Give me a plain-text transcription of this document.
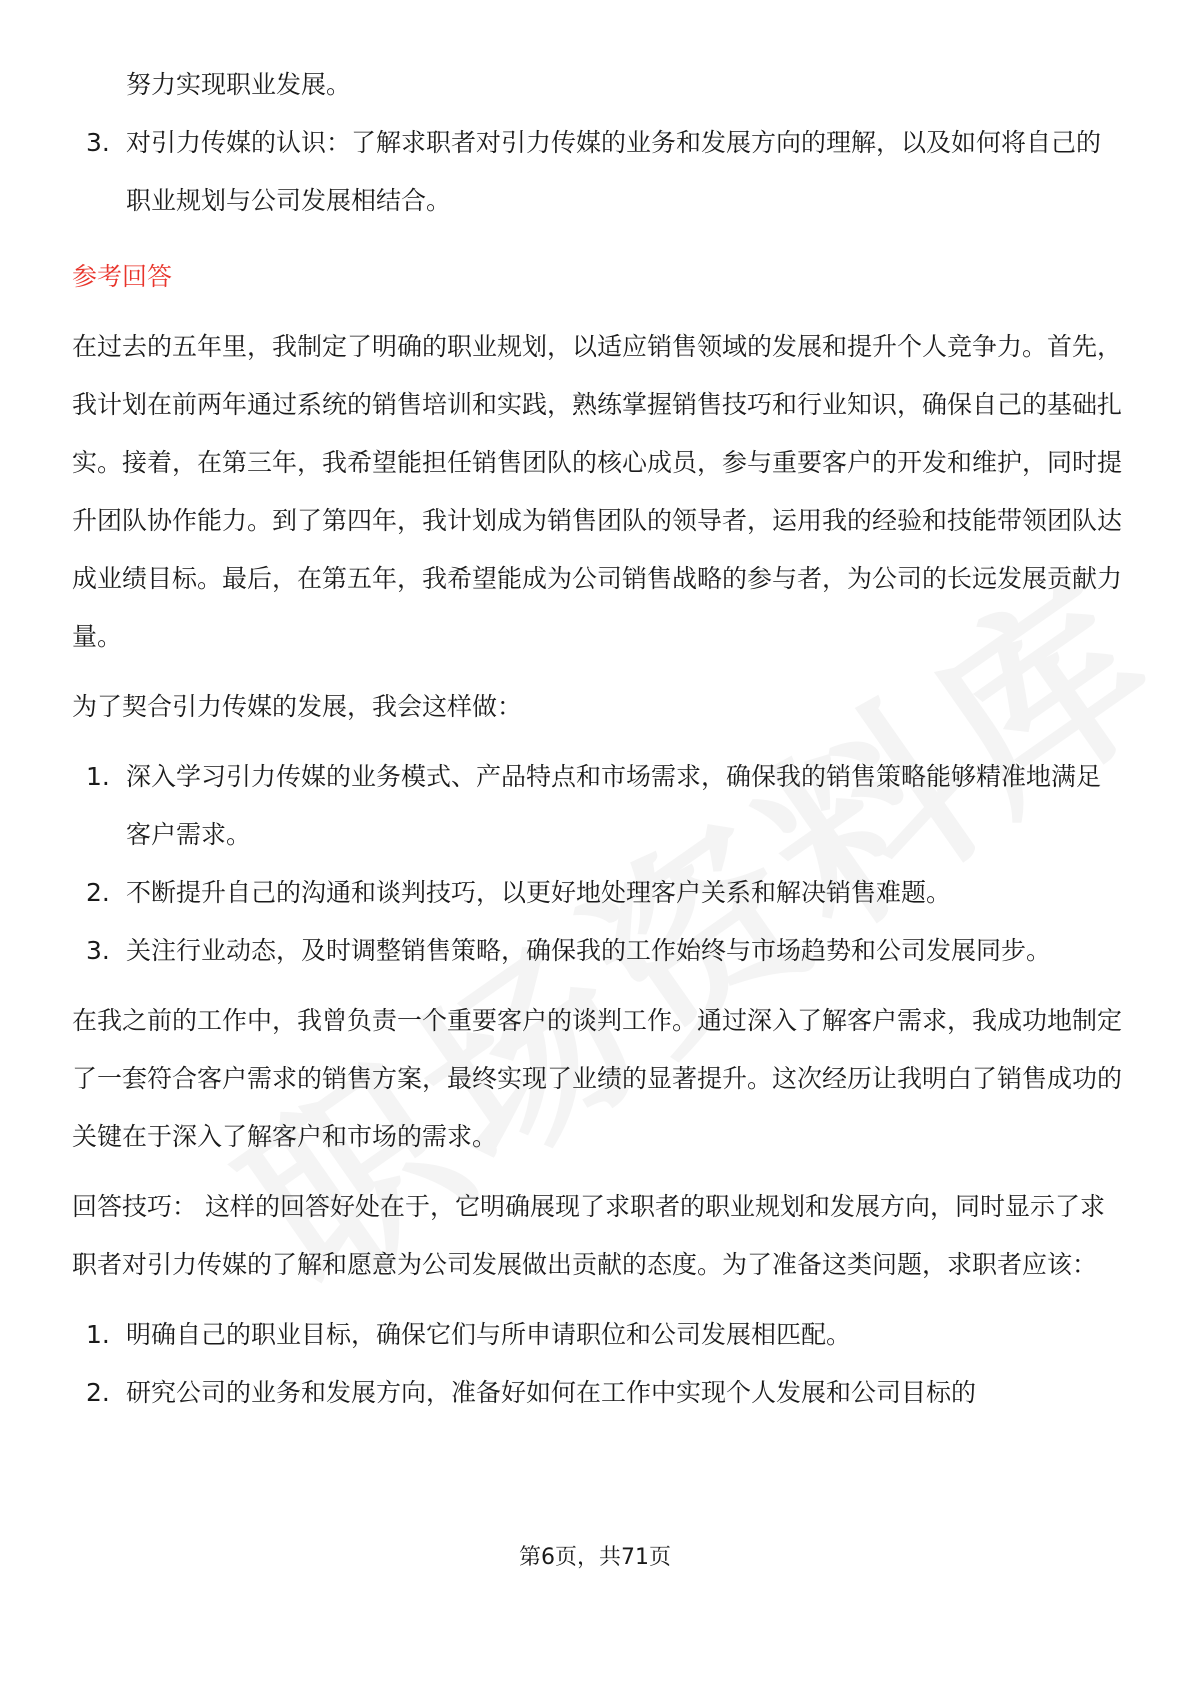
努力实现职业发展。

3. 对引力传媒的认识：了解求职者对引力传媒的业务和发展方向的理解，以及如何将自己的职业规划与公司发展相结合。

参考回答

在过去的五年里，我制定了明确的职业规划，以适应销售领域的发展和提升个人竞争力。首先，我计划在前两年通过系统的销售培训和实践，熟练掌握销售技巧和行业知识，确保自己的基础扎实。接着，在第三年，我希望能担任销售团队的核心成员，参与重要客户的开发和维护，同时提升团队协作能力。到了第四年，我计划成为销售团队的领导者，运用我的经验和技能带领团队达成业绩目标。最后，在第五年，我希望能成为公司销售战略的参与者，为公司的长远发展贡献力量。

为了契合引力传媒的发展，我会这样做：

1. 深入学习引力传媒的业务模式、产品特点和市场需求，确保我的销售策略能够精准地满足客户需求。
2. 不断提升自己的沟通和谈判技巧，以更好地处理客户关系和解决销售难题。
3. 关注行业动态，及时调整销售策略，确保我的工作始终与市场趋势和公司发展同步。

在我之前的工作中，我曾负责一个重要客户的谈判工作。通过深入了解客户需求，我成功地制定了一套符合客户需求的销售方案，最终实现了业绩的显著提升。这次经历让我明白了销售成功的关键在于深入了解客户和市场的需求。

回答技巧： 这样的回答好处在于，它明确展现了求职者的职业规划和发展方向，同时显示了求职者对引力传媒的了解和愿意为公司发展做出贡献的态度。为了准备这类问题，求职者应该：

1. 明确自己的职业目标，确保它们与所申请职位和公司发展相匹配。
2. 研究公司的业务和发展方向，准备好如何在工作中实现个人发展和公司目标的
第6页，共71页
